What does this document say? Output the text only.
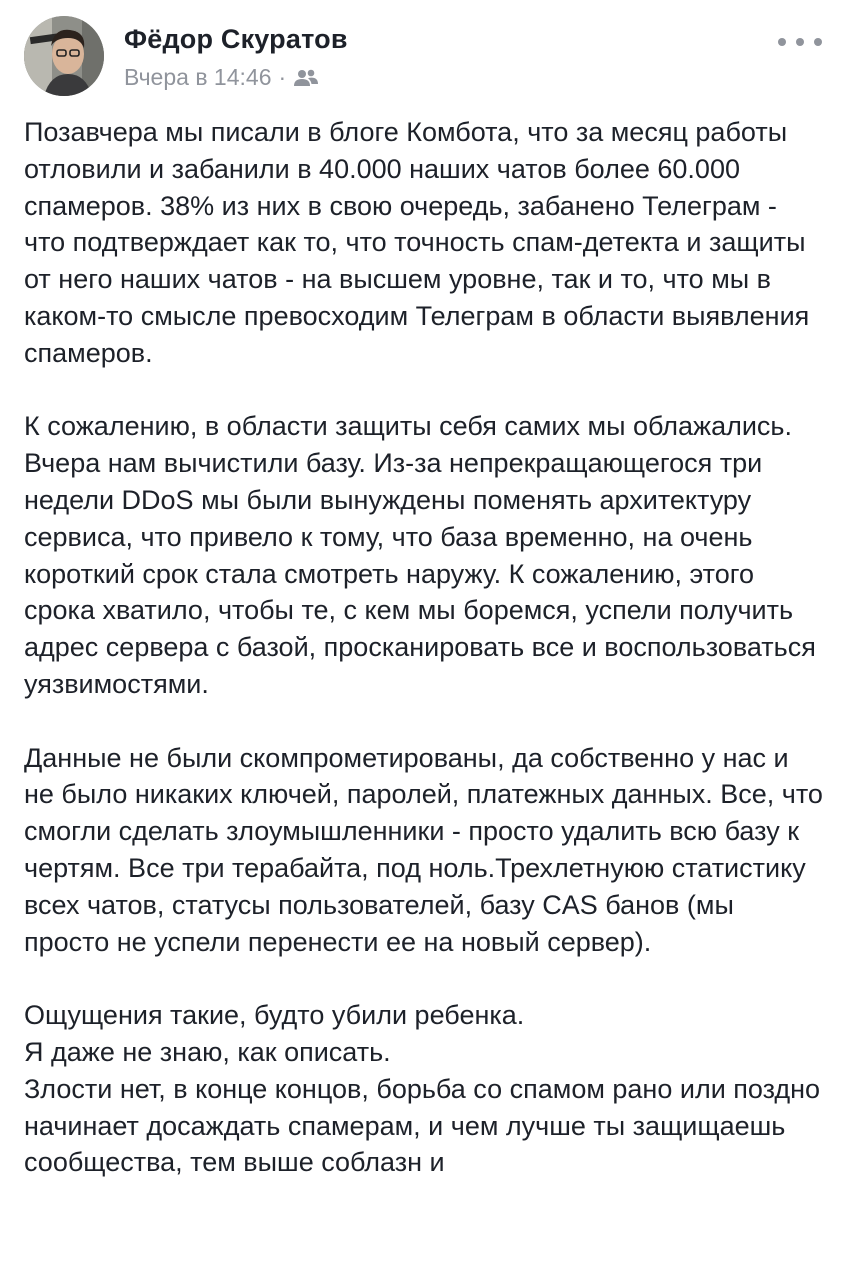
Фёдор Скуратов
Вчера в 14:46 ·

Позавчера мы писали в блоге Комбота, что за месяц работы отловили и забанили в 40.000 наших чатов более 60.000 спамеров. 38% из них в свою очередь, забанено Телеграм - что подтверждает как то, что точность спам-детекта и защиты от него наших чатов - на высшем уровне, так и то, что мы в каком-то смысле превосходим Телеграм в области выявления спамеров.

К сожалению, в области защиты себя самих мы облажались.

Вчера нам вычистили базу. Из-за непрекращающегося три недели DDoS мы были вынуждены поменять архитектуру сервиса, что привело к тому, что база временно, на очень короткий срок стала смотреть наружу. К сожалению, этого срока хватило, чтобы те, с кем мы боремся, успели получить адрес сервера с базой, просканировать все и воспользоваться уязвимостями.

Данные не были скомпрометированы, да собственно у нас и не было никаких ключей, паролей, платежных данных. Все, что смогли сделать злоумышленники - просто удалить всю базу к чертям. Все три терабайта, под ноль.Трехлетнуюю статистику всех чатов, статусы пользователей, базу CAS банов (мы просто не успели перенести ее на новый сервер).

Ощущения такие, будто убили ребенка.

Я даже не знаю, как описать.

Злости нет, в конце концов, борьба со спамом рано или поздно начинает досаждать спамерам, и чем лучше ты защищаешь сообщества, тем выше соблазн и
